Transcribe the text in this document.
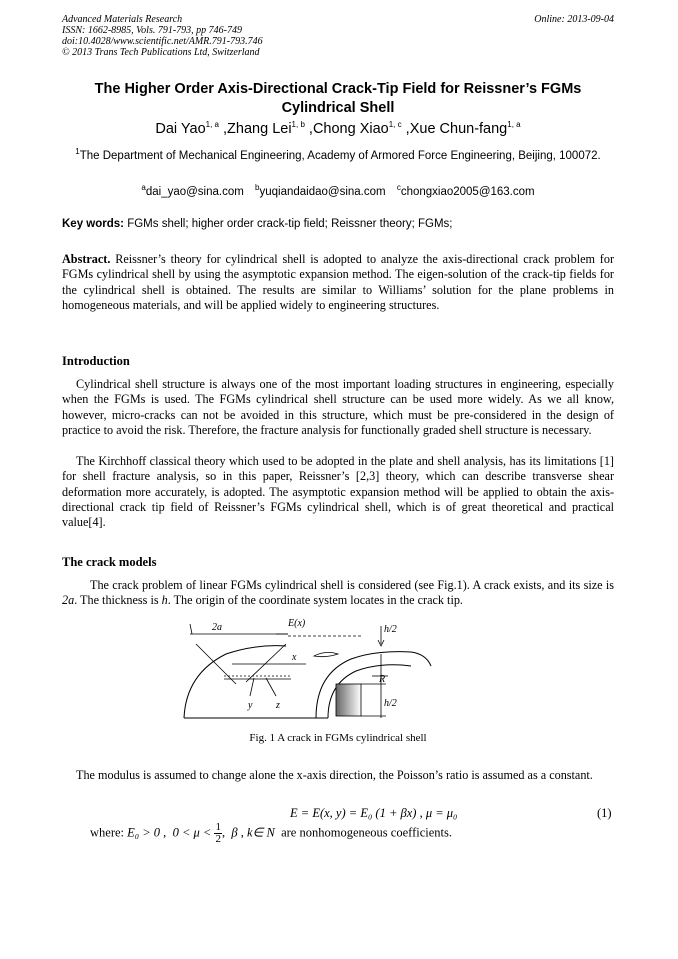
Advanced Materials Research
ISSN: 1662-8985, Vols. 791-793, pp 746-749
doi:10.4028/www.scientific.net/AMR.791-793.746
© 2013 Trans Tech Publications Ltd, Switzerland
Online: 2013-09-04
The Higher Order Axis-Directional Crack-Tip Field for Reissner’s FGMs Cylindrical Shell
Dai Yao$^{1, a}$ ,Zhang Lei$^{1, b}$ ,Chong Xiao$^{1, c}$ ,Xue Chun-fang$^{1, a}$
$^1$The Department of Mechanical Engineering, Academy of Armored Force Engineering, Beijing, 100072.
$^a$dai_yao@sina.com $^b$yuqiandaidao@sina.com $^c$chongxiao2005@163.com
Key words: FGMs shell; higher order crack-tip field; Reissner theory; FGMs;
Abstract. Reissner’s theory for cylindrical shell is adopted to analyze the axis-directional crack problem for FGMs cylindrical shell by using the asymptotic expansion method. The eigen-solution of the crack-tip fields for the cylindrical shell is obtained. The results are similar to Williams’ solution for the plane problems in homogeneous materials, and will be applied widely to engineering structures.
Introduction
Cylindrical shell structure is always one of the most important loading structures in engineering, especially when the FGMs is used. The FGMs cylindrical shell structure can be used more widely. As we all know, however, micro-cracks can not be avoided in this structure, which must be pre-considered in the design of practice to avoid the risk. Therefore, the fracture analysis for functionally graded shell structure is necessary.
The Kirchhoff classical theory which used to be adopted in the plate and shell analysis, has its limitations [1] for shell fracture analysis, so in this paper, Reissner’s [2,3] theory, which can describe transverse shear deformation more accurately, is adopted. The asymptotic expansion method will be applied to obtain the axis-directional crack tip field of Reissner’s FGMs cylindrical shell, which is of great theoretical and practical value[4].
The crack models
The crack problem of linear FGMs cylindrical shell is considered (see Fig.1). A crack exists, and its size is 2a. The thickness is h. The origin of the coordinate system locates in the crack tip.
2a	E(x)
h/2
x
R
y z	h/2
Fig. 1 A crack in FGMs cylindrical shell
The modulus is assumed to change alone the x-axis direction, the Poisson’s ratio is assumed as a constant.
E = E(x, y) = E₀ (1 + βx) , μ = μ₀	(1)
where: E₀ > 0 , $0 < \mu < \frac{1}{2}$ ,  β , k∈ N are nonhomogeneous coefficients.
